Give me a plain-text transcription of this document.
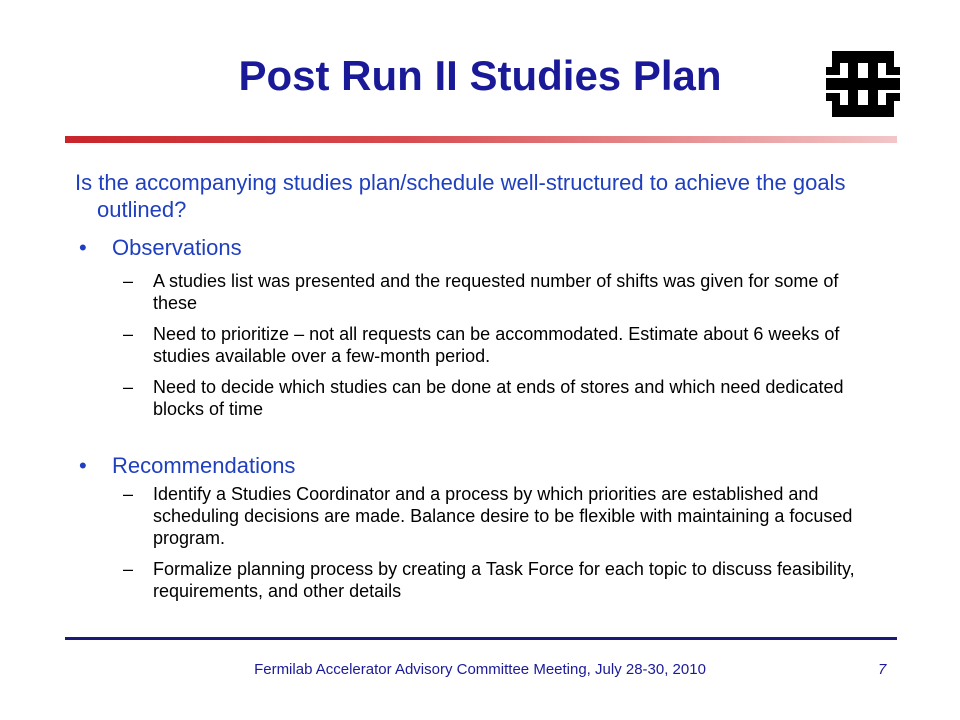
Post Run II Studies Plan
Is the accompanying studies plan/schedule well-structured to achieve the goals outlined?
• Observations
– A studies list was presented and the requested number of shifts was given for some of these
– Need to prioritize – not all requests can be accommodated. Estimate about 6 weeks of studies available over a few-month period.
– Need to decide which studies can be done at ends of stores and which need dedicated blocks of time
• Recommendations
– Identify a Studies Coordinator and a process by which priorities are established and scheduling decisions are made. Balance desire to be flexible with maintaining a focused program.
– Formalize planning process by creating a Task Force for each topic to discuss feasibility, requirements, and other details
Fermilab Accelerator Advisory Committee Meeting, July 28-30, 2010	7
